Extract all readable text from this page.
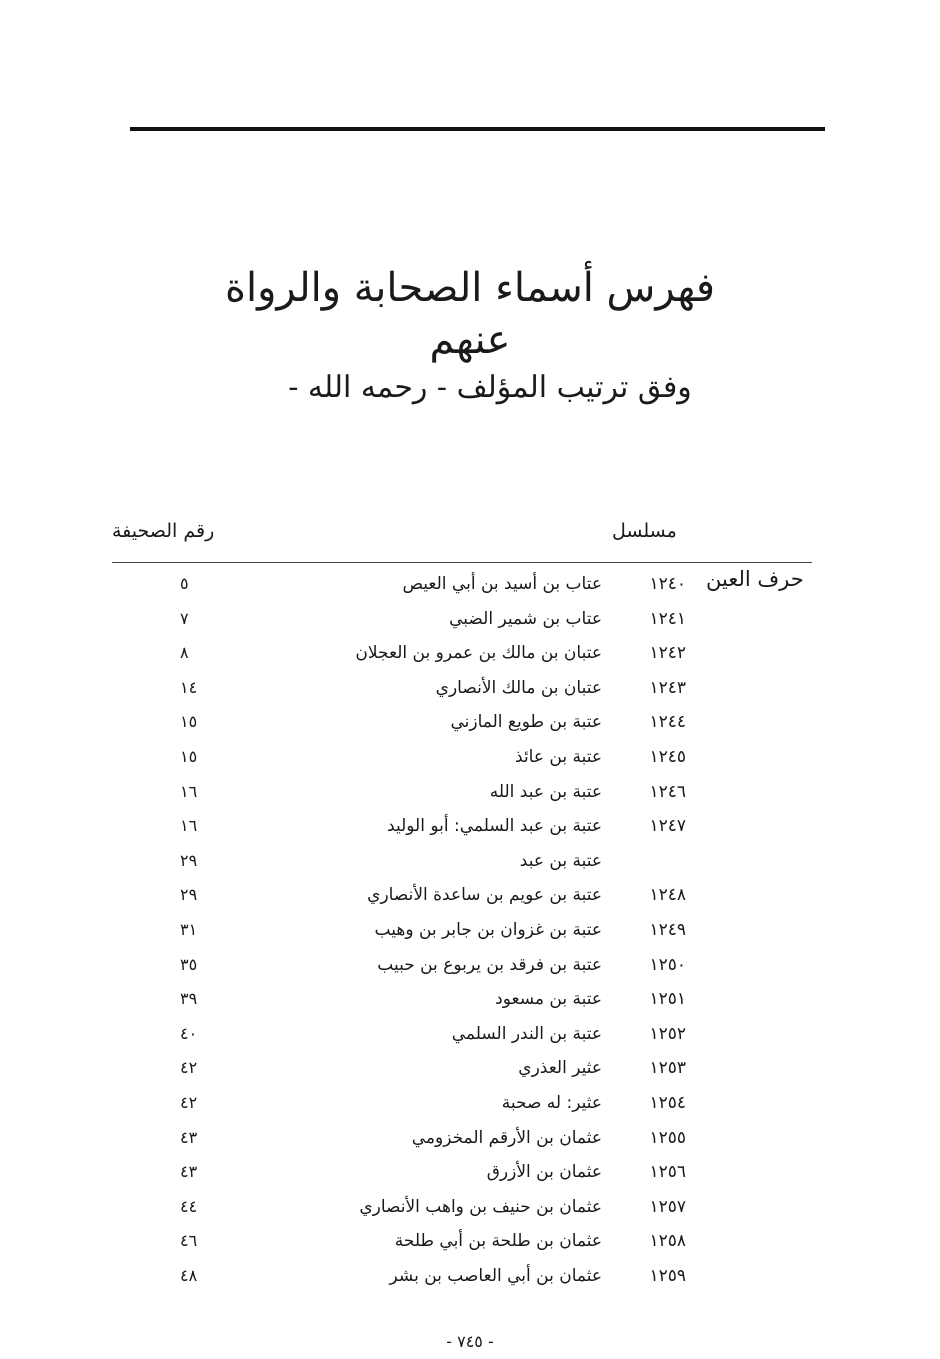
فهرس أسماء الصحابة والرواة عنهم
وفق ترتيب المؤلف - رحمه الله -
مسلسل
رقم الصحيفة
حرف العين
١٢٤٠
عتاب بن أسيد بن أبي العيص
٥
١٢٤١
عتاب بن شمير الضبي
٧
١٢٤٢
عتبان بن مالك بن عمرو بن العجلان
٨
١٢٤٣
عتبان بن مالك الأنصاري
١٤
١٢٤٤
عتبة بن طويع المازني
١٥
١٢٤٥
عتبة بن عائذ
١٥
١٢٤٦
عتبة بن عبد الله
١٦
١٢٤٧
عتبة بن عبد السلمي: أبو الوليد
١٦
عتبة بن عبد
٢٩
١٢٤٨
عتبة بن عويم بن ساعدة الأنصاري
٢٩
١٢٤٩
عتبة بن غزوان بن جابر بن وهيب
٣١
١٢٥٠
عتبة بن فرقد بن يربوع بن حبيب
٣٥
١٢٥١
عتبة بن مسعود
٣٩
١٢٥٢
عتبة بن الندر السلمي
٤٠
١٢٥٣
عثير العذري
٤٢
١٢٥٤
عثير: له صحبة
٤٢
١٢٥٥
عثمان بن الأرقم المخزومي
٤٣
١٢٥٦
عثمان بن الأزرق
٤٣
١٢٥٧
عثمان بن حنيف بن واهب الأنصاري
٤٤
١٢٥٨
عثمان بن طلحة بن أبي طلحة
٤٦
١٢٥٩
عثمان بن أبي العاصب بن بشر
٤٨
- ٧٤٥ -
